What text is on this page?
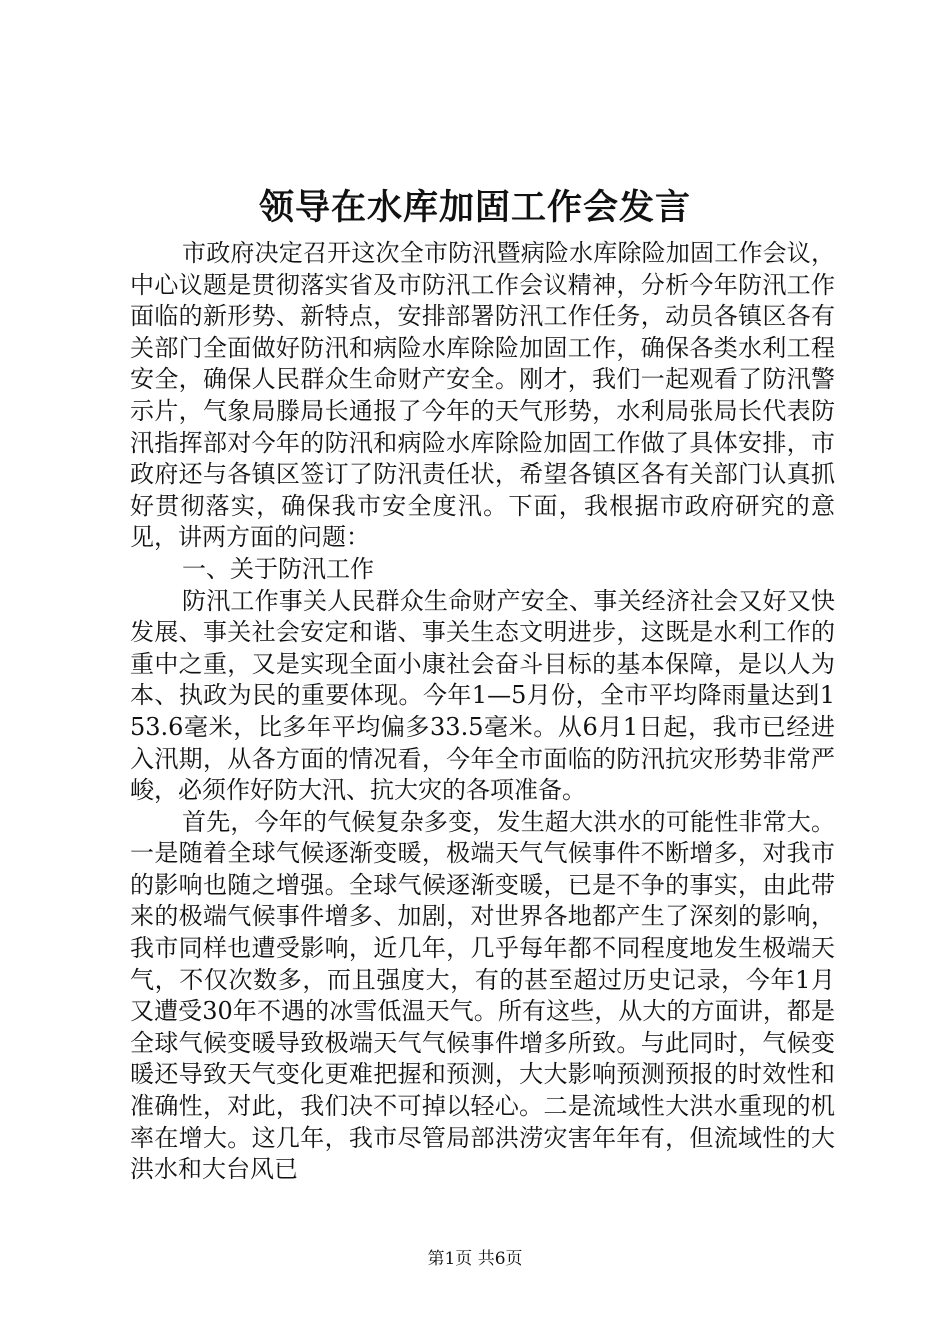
领导在水库加固工作会发言

市政府决定召开这次全市防汛暨病险水库除险加固工作会议，中心议题是贯彻落实省及市防汛工作会议精神，分析今年防汛工作面临的新形势、新特点，安排部署防汛工作任务，动员各镇区各有关部门全面做好防汛和病险水库除险加固工作，确保各类水利工程安全，确保人民群众生命财产安全。刚才，我们一起观看了防汛警示片，气象局滕局长通报了今年的天气形势，水利局张局长代表防汛指挥部对今年的防汛和病险水库除险加固工作做了具体安排，市政府还与各镇区签订了防汛责任状，希望各镇区各有关部门认真抓好贯彻落实，确保我市安全度汛。下面，我根据市政府研究的意见，讲两方面的问题：

一、关于防汛工作

防汛工作事关人民群众生命财产安全、事关经济社会又好又快发展、事关社会安定和谐、事关生态文明进步，这既是水利工作的重中之重，又是实现全面小康社会奋斗目标的基本保障，是以人为本、执政为民的重要体现。今年1—5月份，全市平均降雨量达到153.6毫米，比多年平均偏多33.5毫米。从6月1日起，我市已经进入汛期，从各方面的情况看，今年全市面临的防汛抗灾形势非常严峻，必须作好防大汛、抗大灾的各项准备。

首先，今年的气候复杂多变，发生超大洪水的可能性非常大。一是随着全球气候逐渐变暖，极端天气气候事件不断增多，对我市的影响也随之增强。全球气候逐渐变暖，已是不争的事实，由此带来的极端气候事件增多、加剧，对世界各地都产生了深刻的影响，我市同样也遭受影响，近几年，几乎每年都不同程度地发生极端天气，不仅次数多，而且强度大，有的甚至超过历史记录，今年1月又遭受30年不遇的冰雪低温天气。所有这些，从大的方面讲，都是全球气候变暖导致极端天气气候事件增多所致。与此同时，气候变暖还导致天气变化更难把握和预测，大大影响预测预报的时效性和准确性，对此，我们决不可掉以轻心。二是流域性大洪水重现的机率在增大。这几年，我市尽管局部洪涝灾害年年有，但流域性的大洪水和大台风已

第1页 共6页
